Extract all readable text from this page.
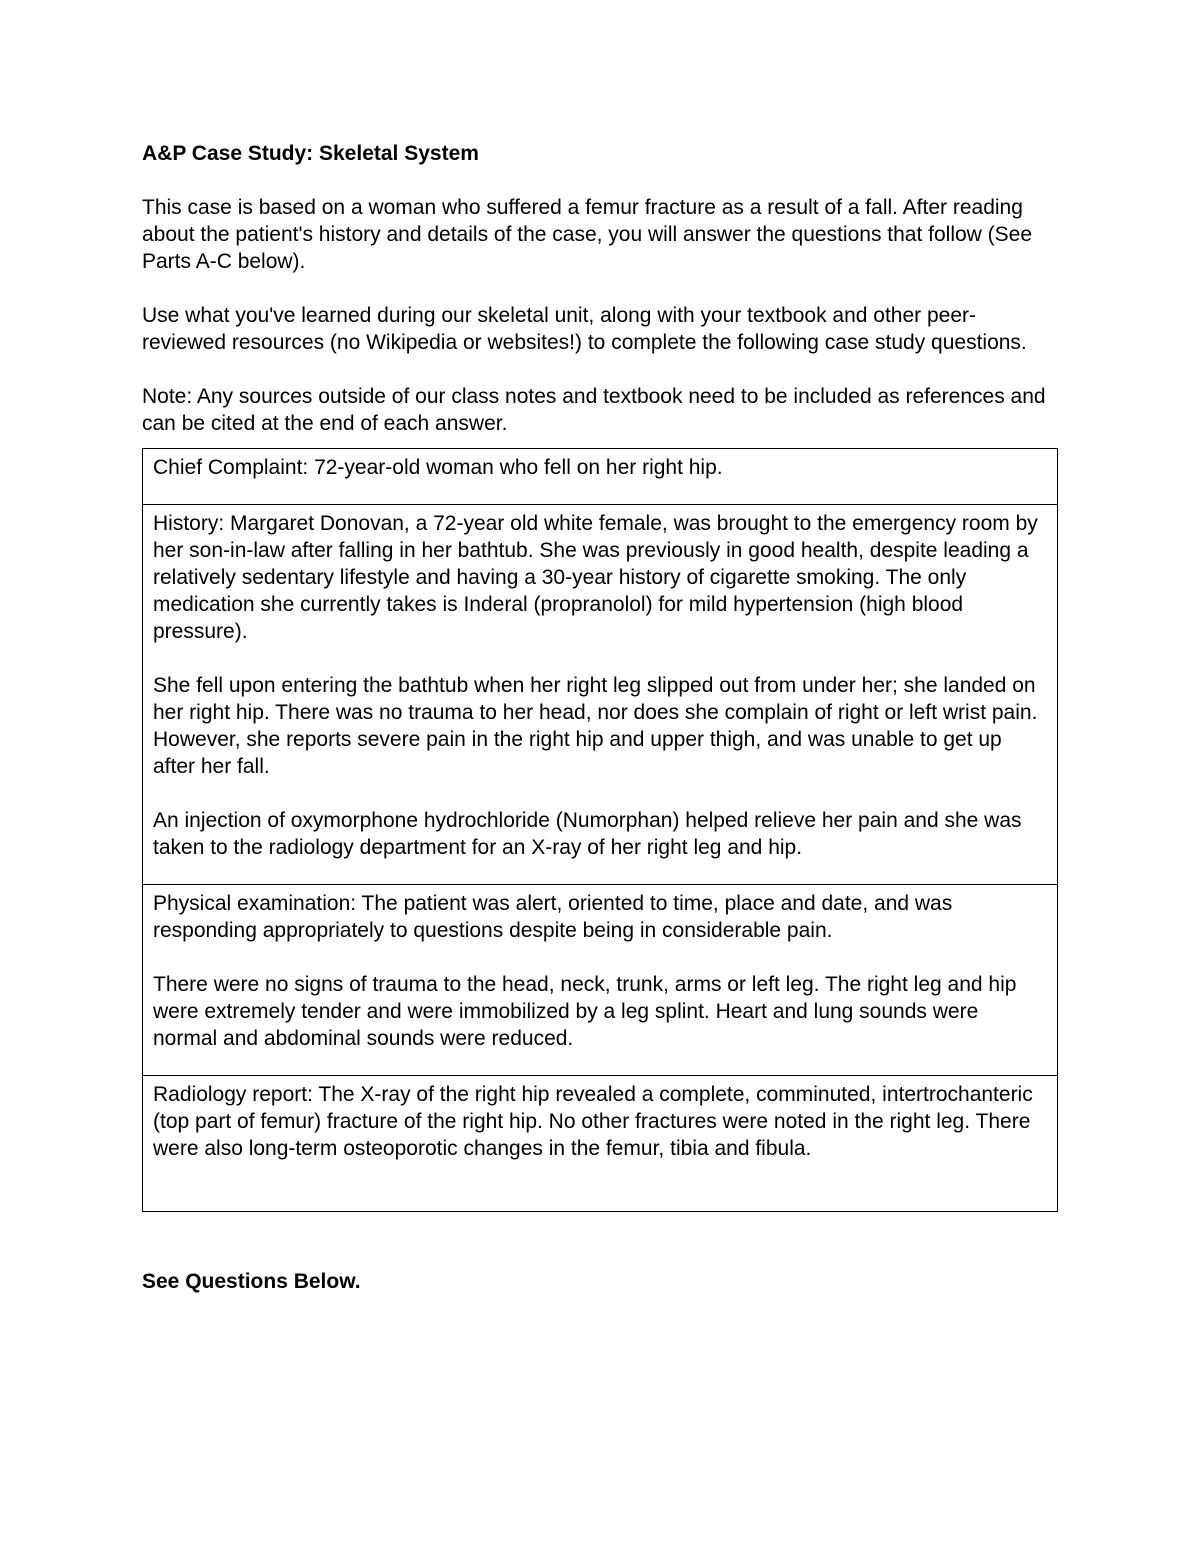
A&P Case Study: Skeletal System

This case is based on a woman who suffered a femur fracture as a result of a fall. After reading about the patient's history and details of the case, you will answer the questions that follow (See Parts A-C below).

Use what you've learned during our skeletal unit, along with your textbook and other peer-reviewed resources (no Wikipedia or websites!) to complete the following case study questions.

Note: Any sources outside of our class notes and textbook need to be included as references and can be cited at the end of each answer.

Chief Complaint: 72-year-old woman who fell on her right hip.

History: Margaret Donovan, a 72-year old white female, was brought to the emergency room by her son-in-law after falling in her bathtub. She was previously in good health, despite leading a relatively sedentary lifestyle and having a 30-year history of cigarette smoking. The only medication she currently takes is Inderal (propranolol) for mild hypertension (high blood pressure).

She fell upon entering the bathtub when her right leg slipped out from under her; she landed on her right hip. There was no trauma to her head, nor does she complain of right or left wrist pain. However, she reports severe pain in the right hip and upper thigh, and was unable to get up after her fall.

An injection of oxymorphone hydrochloride (Numorphan) helped relieve her pain and she was taken to the radiology department for an X-ray of her right leg and hip.

Physical examination: The patient was alert, oriented to time, place and date, and was responding appropriately to questions despite being in considerable pain.

There were no signs of trauma to the head, neck, trunk, arms or left leg. The right leg and hip were extremely tender and were immobilized by a leg splint. Heart and lung sounds were normal and abdominal sounds were reduced.

Radiology report: The X-ray of the right hip revealed a complete, comminuted, intertrochanteric (top part of femur) fracture of the right hip. No other fractures were noted in the right leg. There were also long-term osteoporotic changes in the femur, tibia and fibula.

See Questions Below.
